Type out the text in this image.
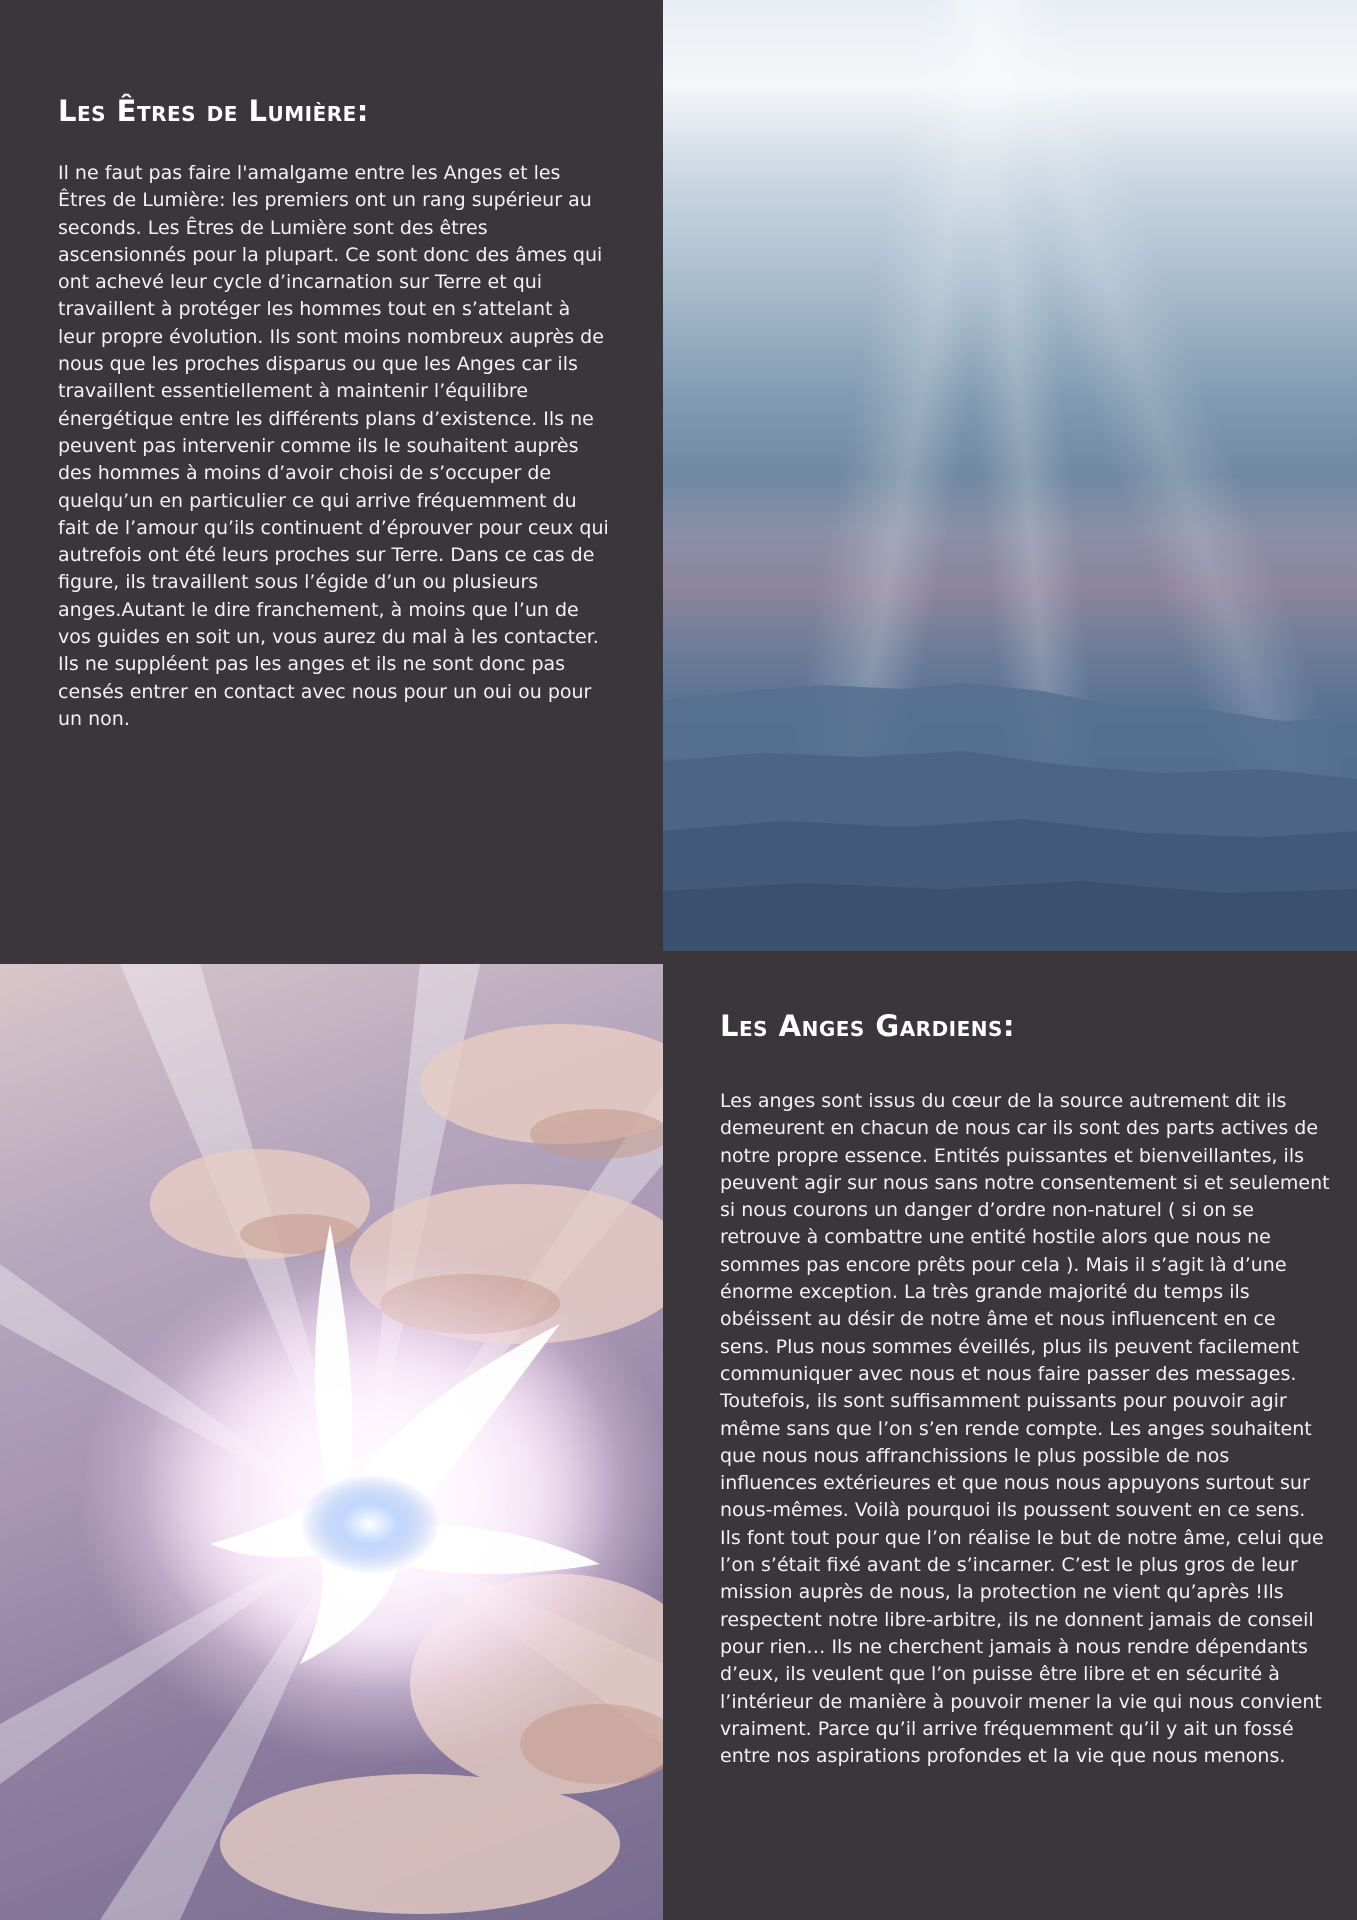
Les Êtres de Lumière:

Il ne faut pas faire l'amalgame entre les Anges et les Êtres de Lumière: les premiers ont un rang supérieur au seconds. Les Êtres de Lumière sont des êtres ascensionnés pour la plupart. Ce sont donc des âmes qui ont achevé leur cycle d’incarnation sur Terre et qui travaillent à protéger les hommes tout en s’attelant à leur propre évolution. Ils sont moins nombreux auprès de nous que les proches disparus ou que les Anges car ils travaillent essentiellement à maintenir l’équilibre énergétique entre les différents plans d’existence. Ils ne peuvent pas intervenir comme ils le souhaitent auprès des hommes à moins d’avoir choisi de s’occuper de quelqu’un en particulier ce qui arrive fréquemment du fait de l’amour qu’ils continuent d’éprouver pour ceux qui autrefois ont été leurs proches sur Terre. Dans ce cas de figure, ils travaillent sous l’égide d’un ou plusieurs anges.Autant le dire franchement, à moins que l’un de vos guides en soit un, vous aurez du mal à les contacter. Ils ne suppléent pas les anges et ils ne sont donc pas censés entrer en contact avec nous pour un oui ou pour un non.

Les Anges Gardiens:

Les anges sont issus du cœur de la source autrement dit ils demeurent en chacun de nous car ils sont des parts actives de notre propre essence. Entités puissantes et bienveillantes, ils peuvent agir sur nous sans notre consentement si et seulement si nous courons un danger d’ordre non-naturel ( si on se retrouve à combattre une entité hostile alors que nous ne sommes pas encore prêts pour cela ). Mais il s’agit là d’une énorme exception. La très grande majorité du temps ils obéissent au désir de notre âme et nous influencent en ce sens. Plus nous sommes éveillés, plus ils peuvent facilement communiquer avec nous et nous faire passer des messages. Toutefois, ils sont suffisamment puissants pour pouvoir agir même sans que l’on s’en rende compte. Les anges souhaitent que nous nous affranchissions le plus possible de nos influences extérieures et que nous nous appuyons surtout sur nous-mêmes. Voilà pourquoi ils poussent souvent en ce sens. Ils font tout pour que l’on réalise le but de notre âme, celui que l’on s’était fixé avant de s’incarner. C’est le plus gros de leur mission auprès de nous, la protection ne vient qu’après !Ils respectent notre libre-arbitre, ils ne donnent jamais de conseil pour rien… Ils ne cherchent jamais à nous rendre dépendants d’eux, ils veulent que l’on puisse être libre et en sécurité à l’intérieur de manière à pouvoir mener la vie qui nous convient vraiment. Parce qu’il arrive fréquemment qu’il y ait un fossé entre nos aspirations profondes et la vie que nous menons.
